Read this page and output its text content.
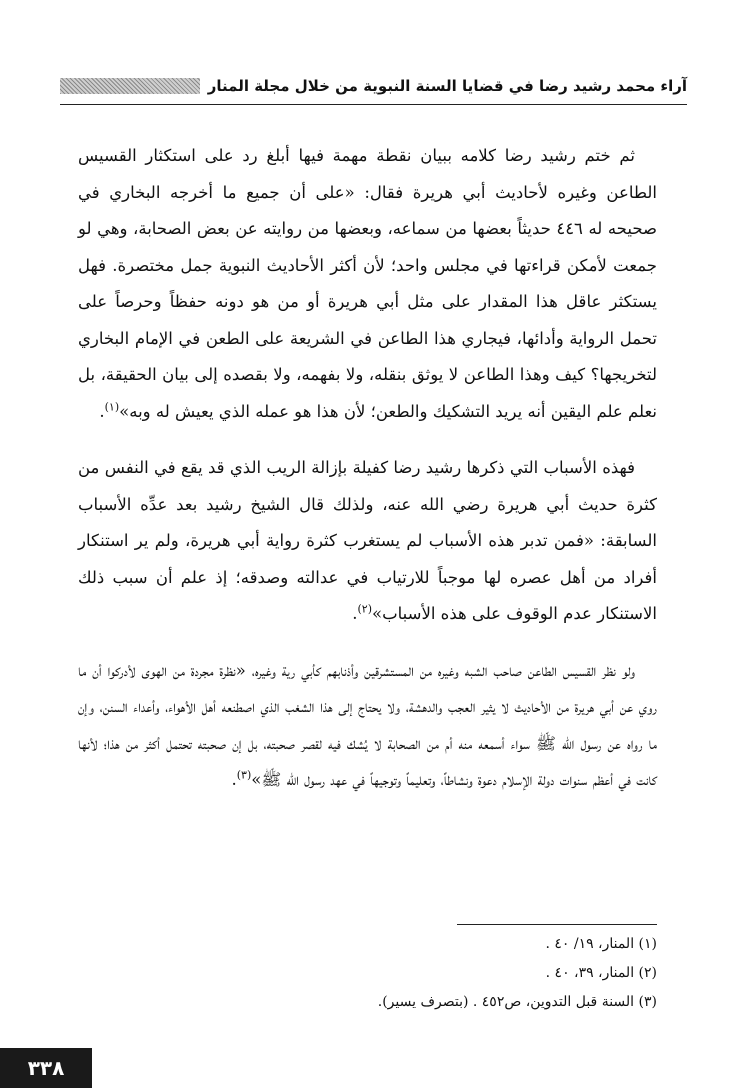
آراء محمد رشيد رضا في قضايا السنة النبوية من خلال مجلة المنار

ثم ختم رشيد رضا كلامه ببيان نقطة مهمة فيها أبلغ رد على استكثار القسيس الطاعن وغيره لأحاديث أبي هريرة فقال: «على أن جميع ما أخرجه البخاري في صحيحه له ٤٤٦ حديثاً بعضها من سماعه، وبعضها من روايته عن بعض الصحابة، وهي لو جمعت لأمكن قراءتها في مجلس واحد؛ لأن أكثر الأحاديث النبوية جمل مختصرة. فهل يستكثر عاقل هذا المقدار على مثل أبي هريرة أو من هو دونه حفظاً وحرصاً على تحمل الرواية وأدائها، فيجاري هذا الطاعن في الشريعة على الطعن في الإمام البخاري لتخريجها؟ كيف وهذا الطاعن لا يوثق بنقله، ولا بفهمه، ولا بقصده إلى بيان الحقيقة، بل نعلم علم اليقين أنه يريد التشكيك والطعن؛ لأن هذا هو عمله الذي يعيش له وبه»$^{(١)}$.

فهذه الأسباب التي ذكرها رشيد رضا كفيلة بإزالة الريب الذي قد يقع في النفس من كثرة حديث أبي هريرة رضي الله عنه، ولذلك قال الشيخ رشيد بعد عدِّه الأسباب السابقة: «فمن تدبر هذه الأسباب لم يستغرب كثرة رواية أبي هريرة، ولم ير استنكار أفراد من أهل عصره لها موجباً للارتياب في عدالته وصدقه؛ إذ علم أن سبب ذلك الاستنكار عدم الوقوف على هذه الأسباب»$^{(٢)}$.

ولو نظر القسيس الطاعن صاحب الشبه وغيره من المستشرقين وأذنابهم كأبي رية وغيره، «نظرة مجردة من الهوى لأدركوا أن ما روي عن أبي هريرة من الأحاديث لا يثير العجب والدهشة، ولا يحتاج إلى هذا الشغب الذي اصطنعه أهل الأهواء، وأعداء السنن، وإن ما رواه عن رسول الله ﷺ سواء أسمعه منه أم من الصحابة لا يُشك فيه لقصر صحبته، بل إن صحبته تحتمل أكثر من هذا؛ لأنها كانت في أعظم سنوات دولة الإسلام دعوة ونشاطاً، وتعليماً وتوجيهاً في عهد رسول الله ﷺ»$^{(٣)}$.

(١) المنار، ١٩/ ٤٠ .
(٢) المنار، ٣٩، ٤٠ .
(٣) السنة قبل التدوين، ص٤٥٢ . (بتصرف يسير).
٣٣٨
